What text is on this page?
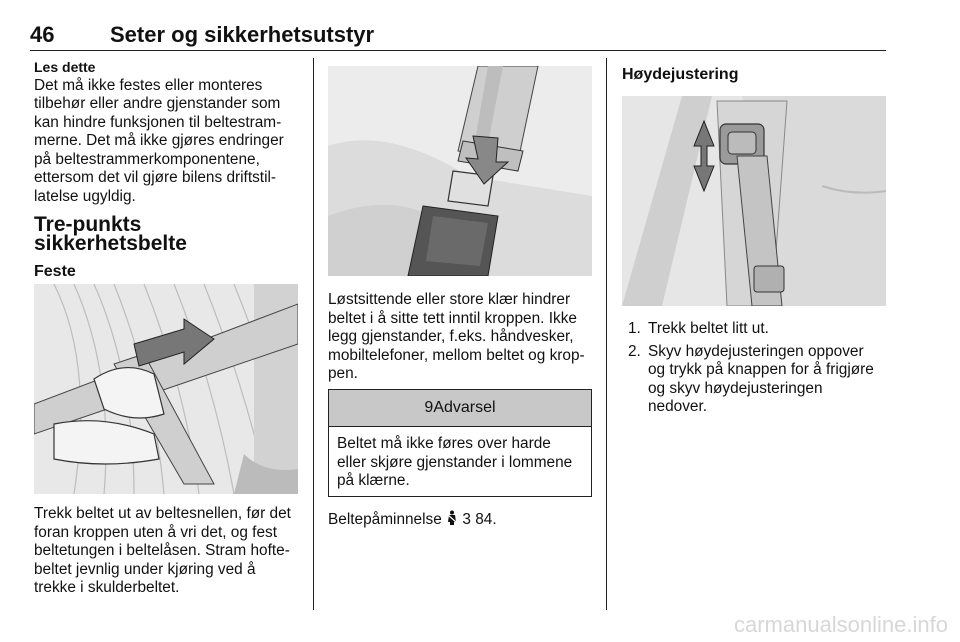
46	Seter og sikkerhetsutstyr
Les dette
Det må ikke festes eller monteres
tilbehør eller andre gjenstander som
kan hindre funksjonen til beltestram-
merne. Det må ikke gjøres endringer
på beltestrammerkomponentene,
ettersom det vil gjøre bilens driftstil-
latelse ugyldig.
Tre-punkts sikkerhetsbelte
Feste
Trekk beltet ut av beltesnellen, før det
foran kroppen uten å vri det, og fest
beltetungen i beltelåsen. Stram hofte-
beltet jevnlig under kjøring ved å
trekke i skulderbeltet.
Løstsittende eller store klær hindrer
beltet i å sitte tett inntil kroppen. Ikke
legg gjenstander, f.eks. håndvesker,
mobiltelefoner, mellom beltet og krop-
pen.
9Advarsel
Beltet må ikke føres over harde
eller skjøre gjenstander i lommene
på klærne.
Beltepåminnelse 3 84.
Høydejustering
1. Trekk beltet litt ut.
2. Skyv høydejusteringen oppover
og trykk på knappen for å frigjøre
og skyv høydejusteringen
nedover.
carmanualsonline.info
